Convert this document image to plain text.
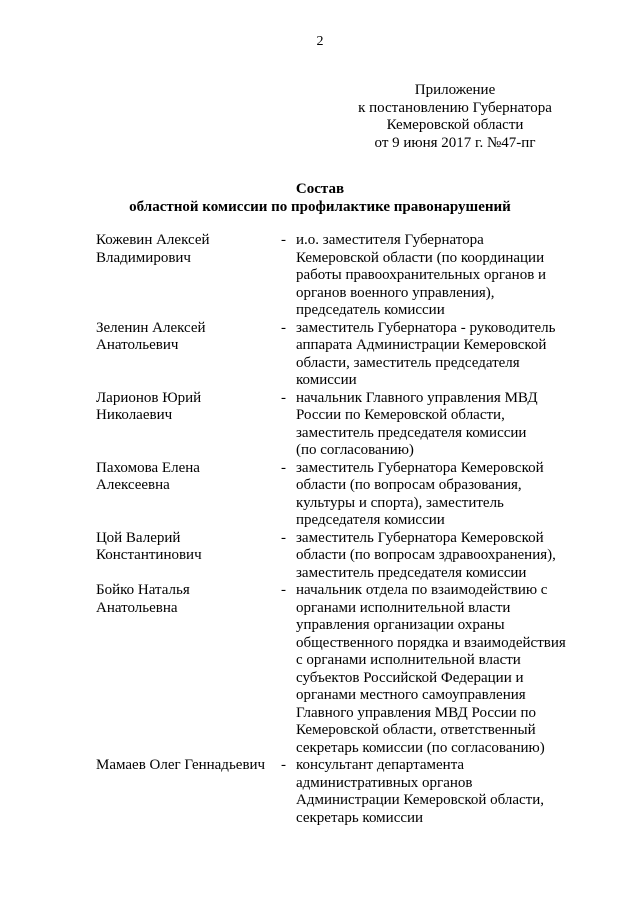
2
Приложение
к постановлению Губернатора
Кемеровской области
от 9 июня 2017 г. №47-пг
Состав
областной комиссии по профилактике правонарушений
Кожевин Алексей
Владимирович
- и.о. заместителя Губернатора
Кемеровской области (по координации
работы правоохранительных органов и
органов военного управления),
председатель комиссии
Зеленин Алексей
Анатольевич
- заместитель Губернатора - руководитель
аппарата Администрации Кемеровской
области, заместитель председателя
комиссии
Ларионов Юрий
Николаевич
- начальник Главного управления МВД
России по Кемеровской области,
заместитель председателя комиссии
(по согласованию)
Пахомова Елена
Алексеевна
- заместитель Губернатора Кемеровской
области (по вопросам образования,
культуры и спорта), заместитель
председателя комиссии
Цой Валерий
Константинович
- заместитель Губернатора Кемеровской
области (по вопросам здравоохранения),
заместитель председателя комиссии
Бойко Наталья
Анатольевна
- начальник отдела по взаимодействию с
органами исполнительной власти
управления организации охраны
общественного порядка и взаимодействия
с органами исполнительной власти
субъектов Российской Федерации и
органами местного самоуправления
Главного управления МВД России по
Кемеровской области, ответственный
секретарь комиссии (по согласованию)
Мамаев Олег Геннадьевич	- консультант департамента
административных органов
Администрации Кемеровской области,
секретарь комиссии
